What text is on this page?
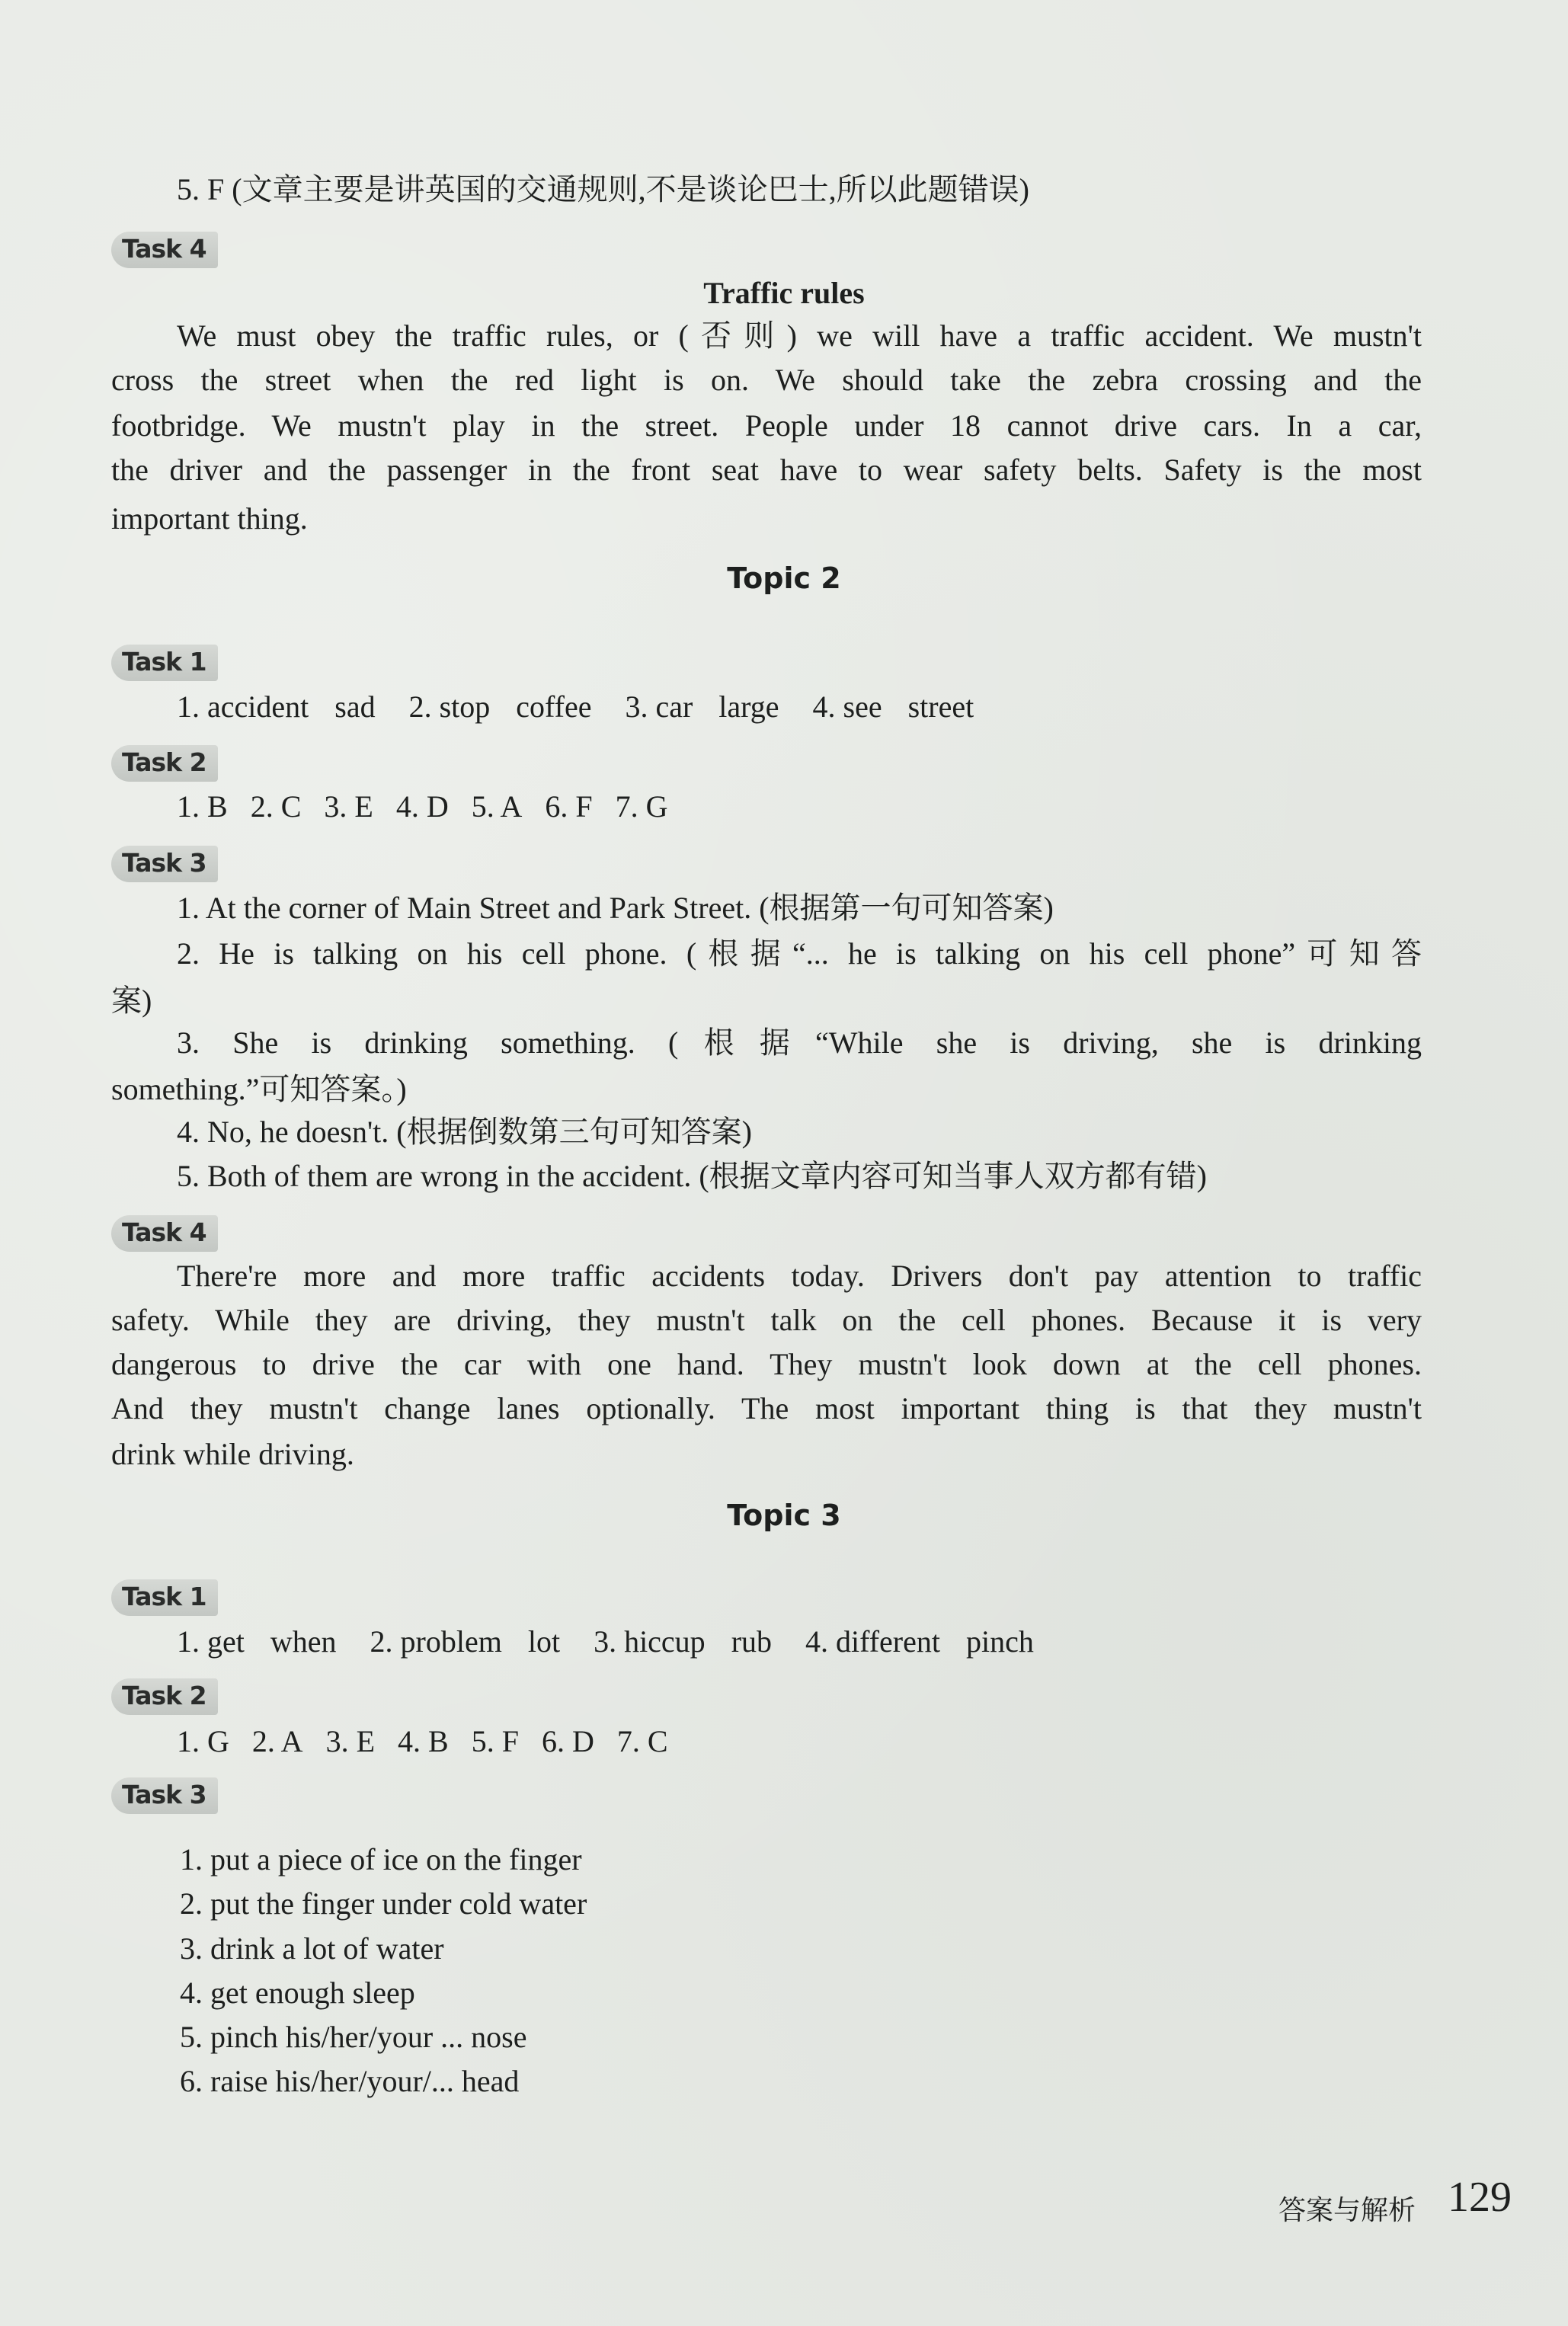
5. F (文章主要是讲英国的交通规则,不是谈论巴士,所以此题错误)
Task 4
Traffic rules
We must obey the traffic rules, or (否则) we will have a traffic accident. We mustn't
cross the street when the red light is on. We should take the zebra crossing and the
footbridge. We mustn't play in the street. People under 18 cannot drive cars. In a car,
the driver and the passenger in the front seat have to wear safety belts. Safety is the most
important thing.
Topic 2
Task 1
1. accident sad 2. stop coffee 3. car large 4. see street
Task 2
1. B 2. C 3. E 4. D 5. A 6. F 7. G
Task 3
1. At the corner of Main Street and Park Street. (根据第一句可知答案)
2. He is talking on his cell phone. (根据“... he is talking on his cell phone”可知答
案)
3. She is drinking something. (根据“While she is driving, she is drinking
something.”可知答案。)
4. No, he doesn't. (根据倒数第三句可知答案)
5. Both of them are wrong in the accident. (根据文章内容可知当事人双方都有错)
Task 4
There're more and more traffic accidents today. Drivers don't pay attention to traffic
safety. While they are driving, they mustn't talk on the cell phones. Because it is very
dangerous to drive the car with one hand. They mustn't look down at the cell phones.
And they mustn't change lanes optionally. The most important thing is that they mustn't
drink while driving.
Topic 3
Task 1
1. get when 2. problem lot 3. hiccup rub 4. different pinch
Task 2
1. G 2. A 3. E 4. B 5. F 6. D 7. C
Task 3
1. put a piece of ice on the finger
2. put the finger under cold water
3. drink a lot of water
4. get enough sleep
5. pinch his/her/your ... nose
6. raise his/her/your/... head
答案与解析 129
